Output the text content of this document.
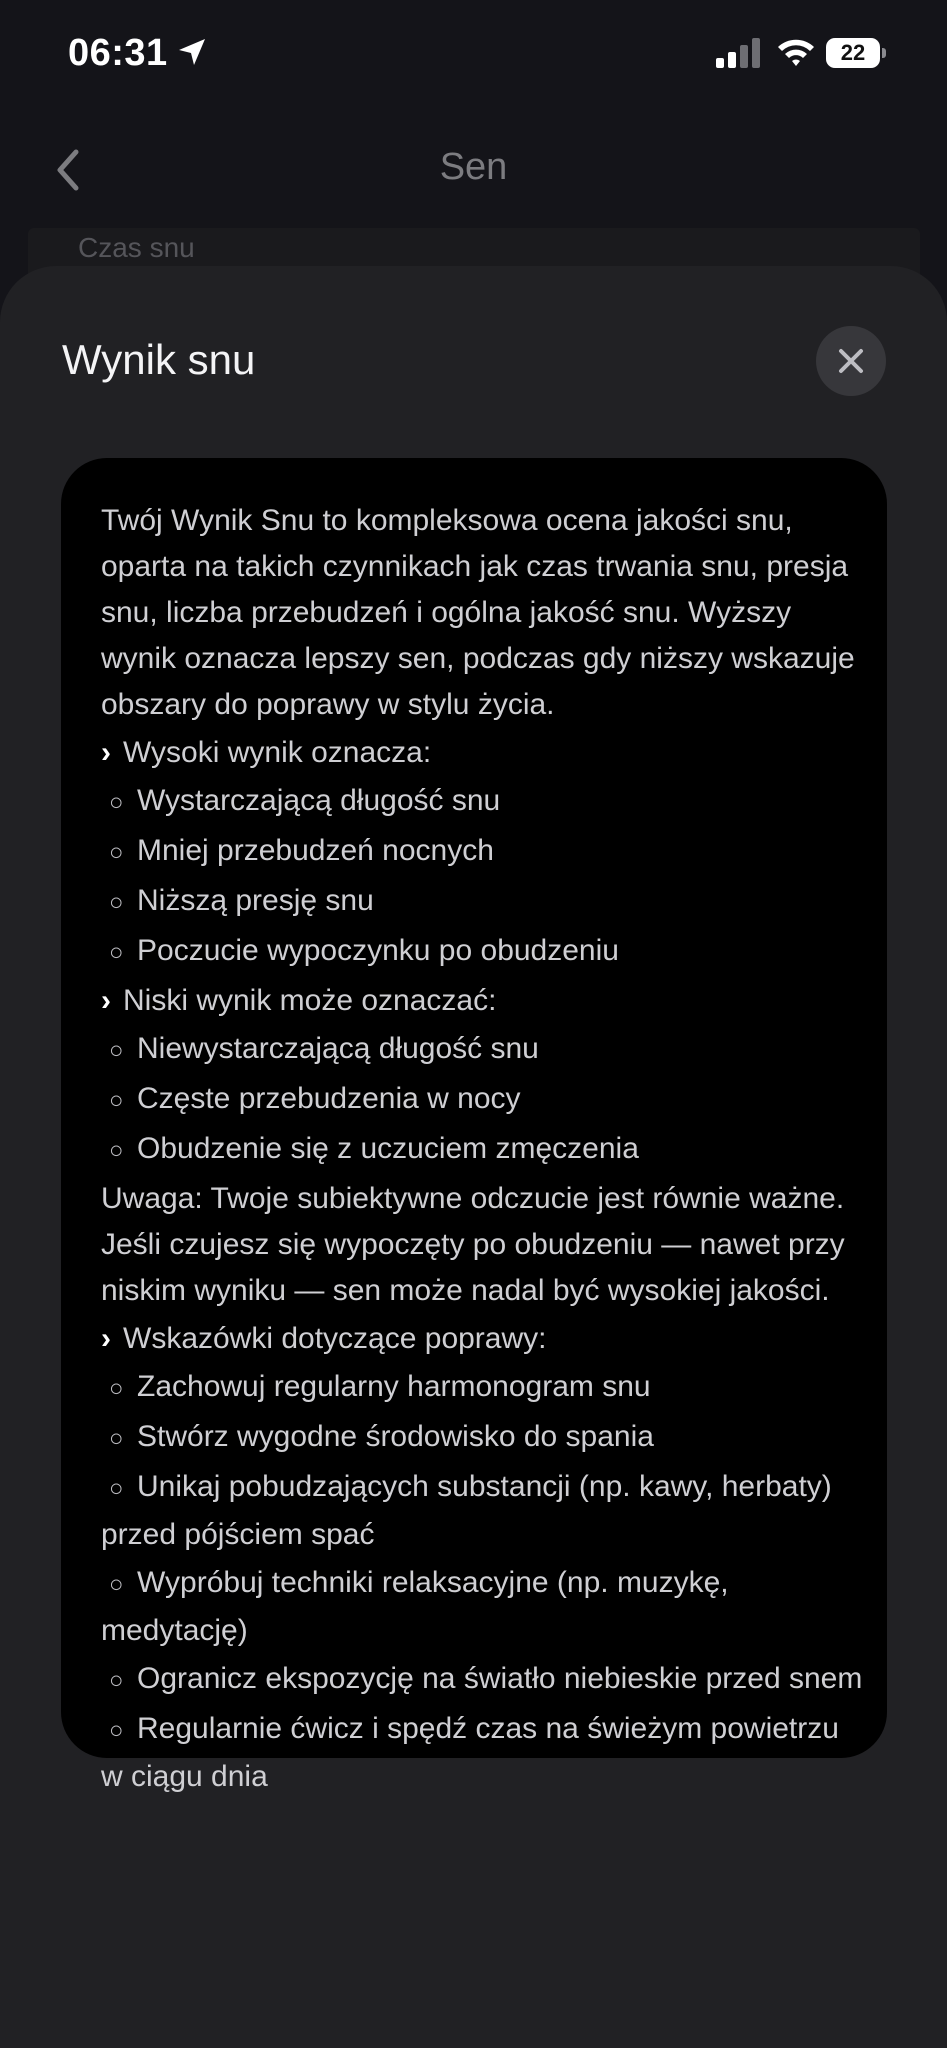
06:31	22
Sen
Czas snu
Wynik snu

Twój Wynik Snu to kompleksowa ocena jakości snu, oparta na takich czynnikach jak czas trwania snu, presja snu, liczba przebudzeń i ogólna jakość snu. Wyższy wynik oznacza lepszy sen, podczas gdy niższy wskazuje obszary do poprawy w stylu życia.

› Wysoki wynik oznacza:
○ Wystarczającą długość snu
○ Mniej przebudzeń nocnych
○ Niższą presję snu
○ Poczucie wypoczynku po obudzeniu
› Niski wynik może oznaczać:
○ Niewystarczającą długość snu
○ Częste przebudzenia w nocy
○ Obudzenie się z uczuciem zmęczenia

Uwaga: Twoje subiektywne odczucie jest równie ważne. Jeśli czujesz się wypoczęty po obudzeniu — nawet przy niskim wyniku — sen może nadal być wysokiej jakości.

› Wskazówki dotyczące poprawy:
○ Zachowuj regularny harmonogram snu
○ Stwórz wygodne środowisko do spania
○ Unikaj pobudzających substancji (np. kawy, herbaty) przed pójściem spać
○ Wypróbuj techniki relaksacyjne (np. muzykę, medytację)
○ Ogranicz ekspozycję na światło niebieskie przed snem
○ Regularnie ćwicz i spędź czas na świeżym powietrzu w ciągu dnia
